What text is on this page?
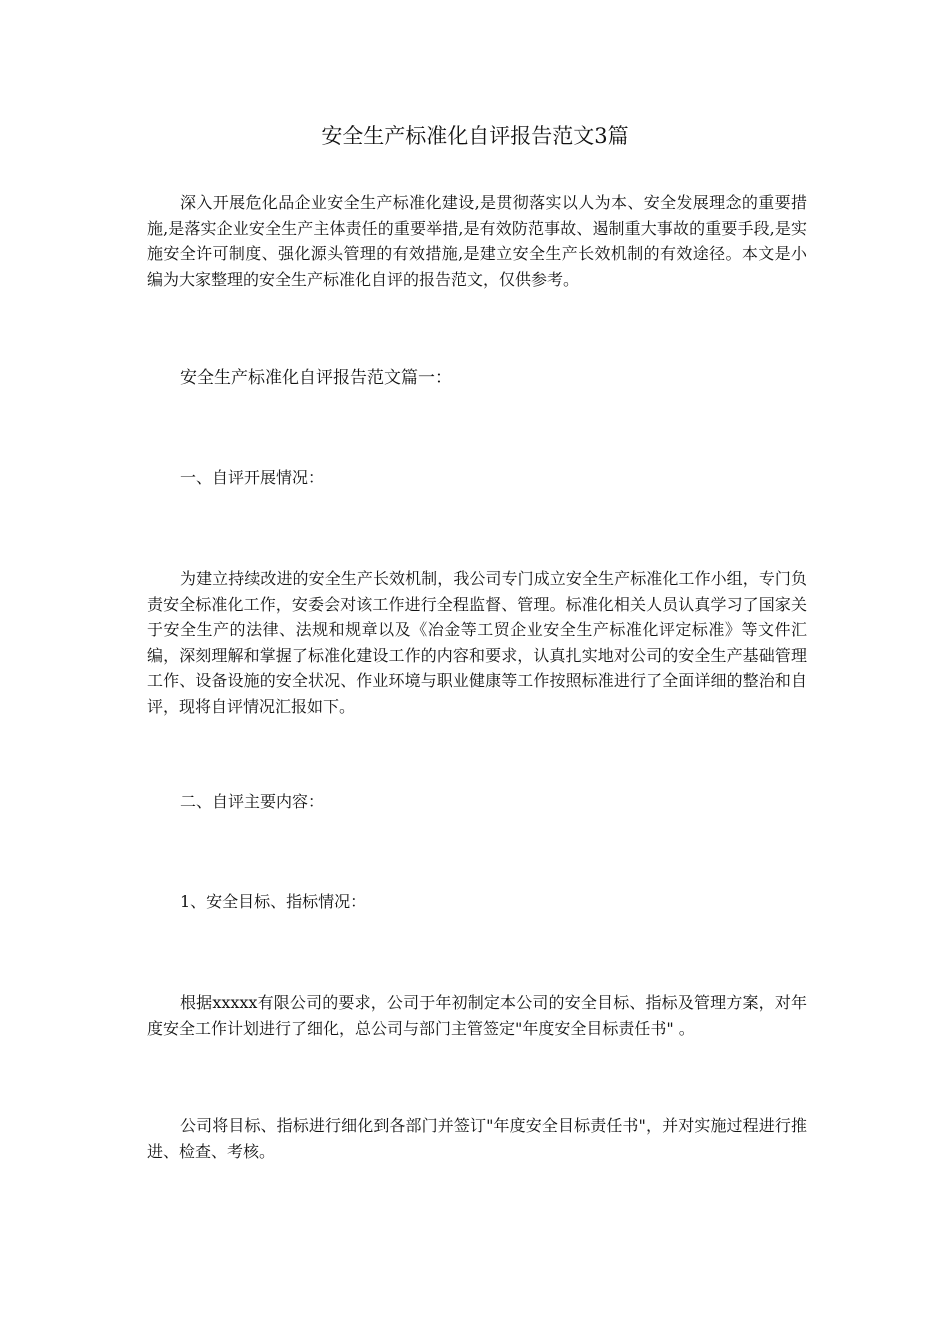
安全生产标准化自评报告范文3篇

深入开展危化品企业安全生产标准化建设,是贯彻落实以人为本、安全发展理念的重要措施,是落实企业安全生产主体责任的重要举措,是有效防范事故、遏制重大事故的重要手段,是实施安全许可制度、强化源头管理的有效措施,是建立安全生产长效机制的有效途径。本文是小编为大家整理的安全生产标准化自评的报告范文，仅供参考。

安全生产标准化自评报告范文篇一：
一、自评开展情况：

为建立持续改进的安全生产长效机制，我公司专门成立安全生产标准化工作小组，专门负责安全标准化工作，安委会对该工作进行全程监督、管理。标准化相关人员认真学习了国家关于安全生产的法律、法规和规章以及《冶金等工贸企业安全生产标准化评定标准》等文件汇编，深刻理解和掌握了标准化建设工作的内容和要求，认真扎实地对公司的安全生产基础管理工作、设备设施的安全状况、作业环境与职业健康等工作按照标准进行了全面详细的整治和自评，现将自评情况汇报如下。

二、自评主要内容：
1、安全目标、指标情况：

根据xxxxx有限公司的要求，公司于年初制定本公司的安全目标、指标及管理方案，对年度安全工作计划进行了细化，总公司与部门主管签定"年度安全目标责任书" 。

公司将目标、指标进行细化到各部门并签订"年度安全目标责任书"，并对实施过程进行推进、检查、考核。
